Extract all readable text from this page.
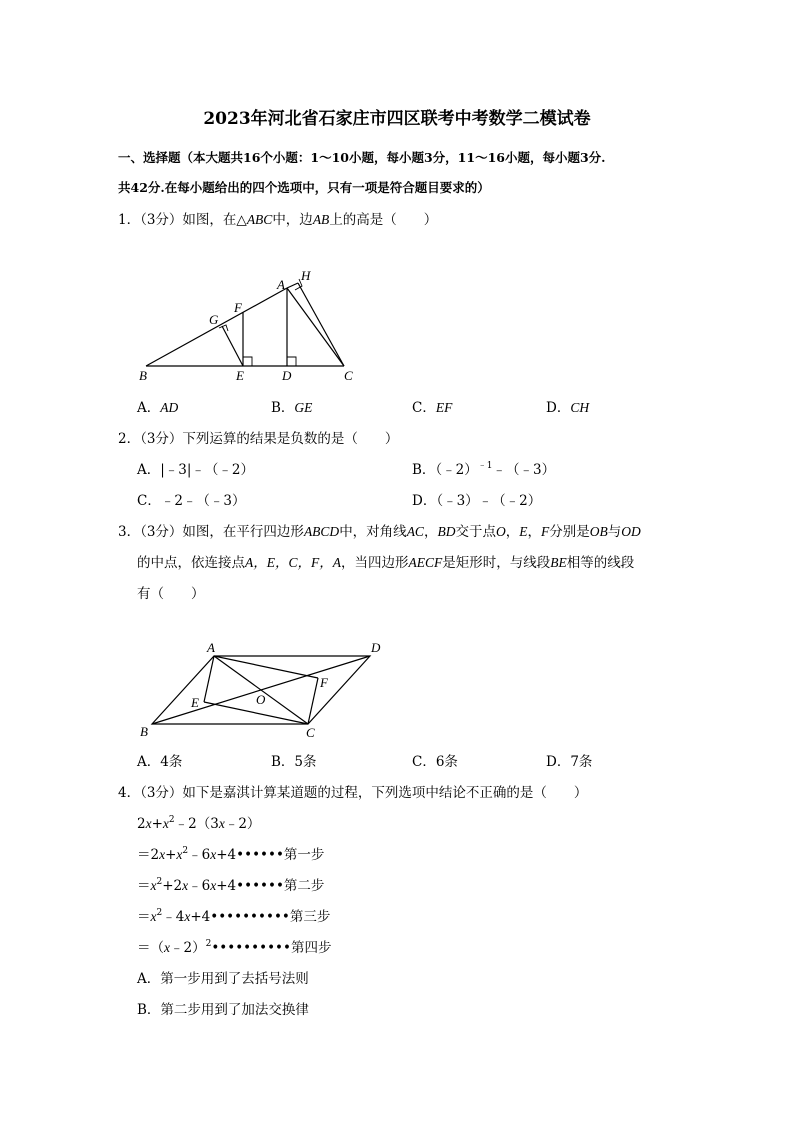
2023年河北省石家庄市四区联考中考数学二模试卷
一、选择题（本大题共16个小题：1～10小题，每小题3分，11～16小题，每小题3分.
共42分.在每小题给出的四个选项中，只有一项是符合题目要求的）
1．（3分）如图，在△ABC中，边AB上的高是（　　）
B	E	D	C
A
H
F
G
A．AD	B．GE	C．EF	D．CH
2．（3分）下列运算的结果是负数的是（　　）
A．|﹣3|﹣（﹣2）	B．（﹣2）$^{﹣1}$﹣（﹣3）
C．﹣2﹣（﹣3）	D．（﹣3）﹣（﹣2）
3．（3分）如图，在平行四边形ABCD中，对角线AC，BD交于点O，E，F分别是OB与OD
的中点，依连接点A，E，C，F，A，当四边形AECF是矩形时，与线段BE相等的线段
有（　　）
A	D
B	C
E
F
O
A．4条	B．5条	C．6条	D．7条
4．（3分）如下是嘉淇计算某道题的过程，下列选项中结论不正确的是（　　）
$2x+x^2﹣2(3x﹣2)$
$=2x+x^2﹣6x+4••••••$第一步
$=x^2+2x﹣6x+4••••••$第二步
$=x^2﹣4x+4••••••••••$第三步
＝（x﹣2）$^2$••••••••••第四步
A．第一步用到了去括号法则
B．第二步用到了加法交换律
